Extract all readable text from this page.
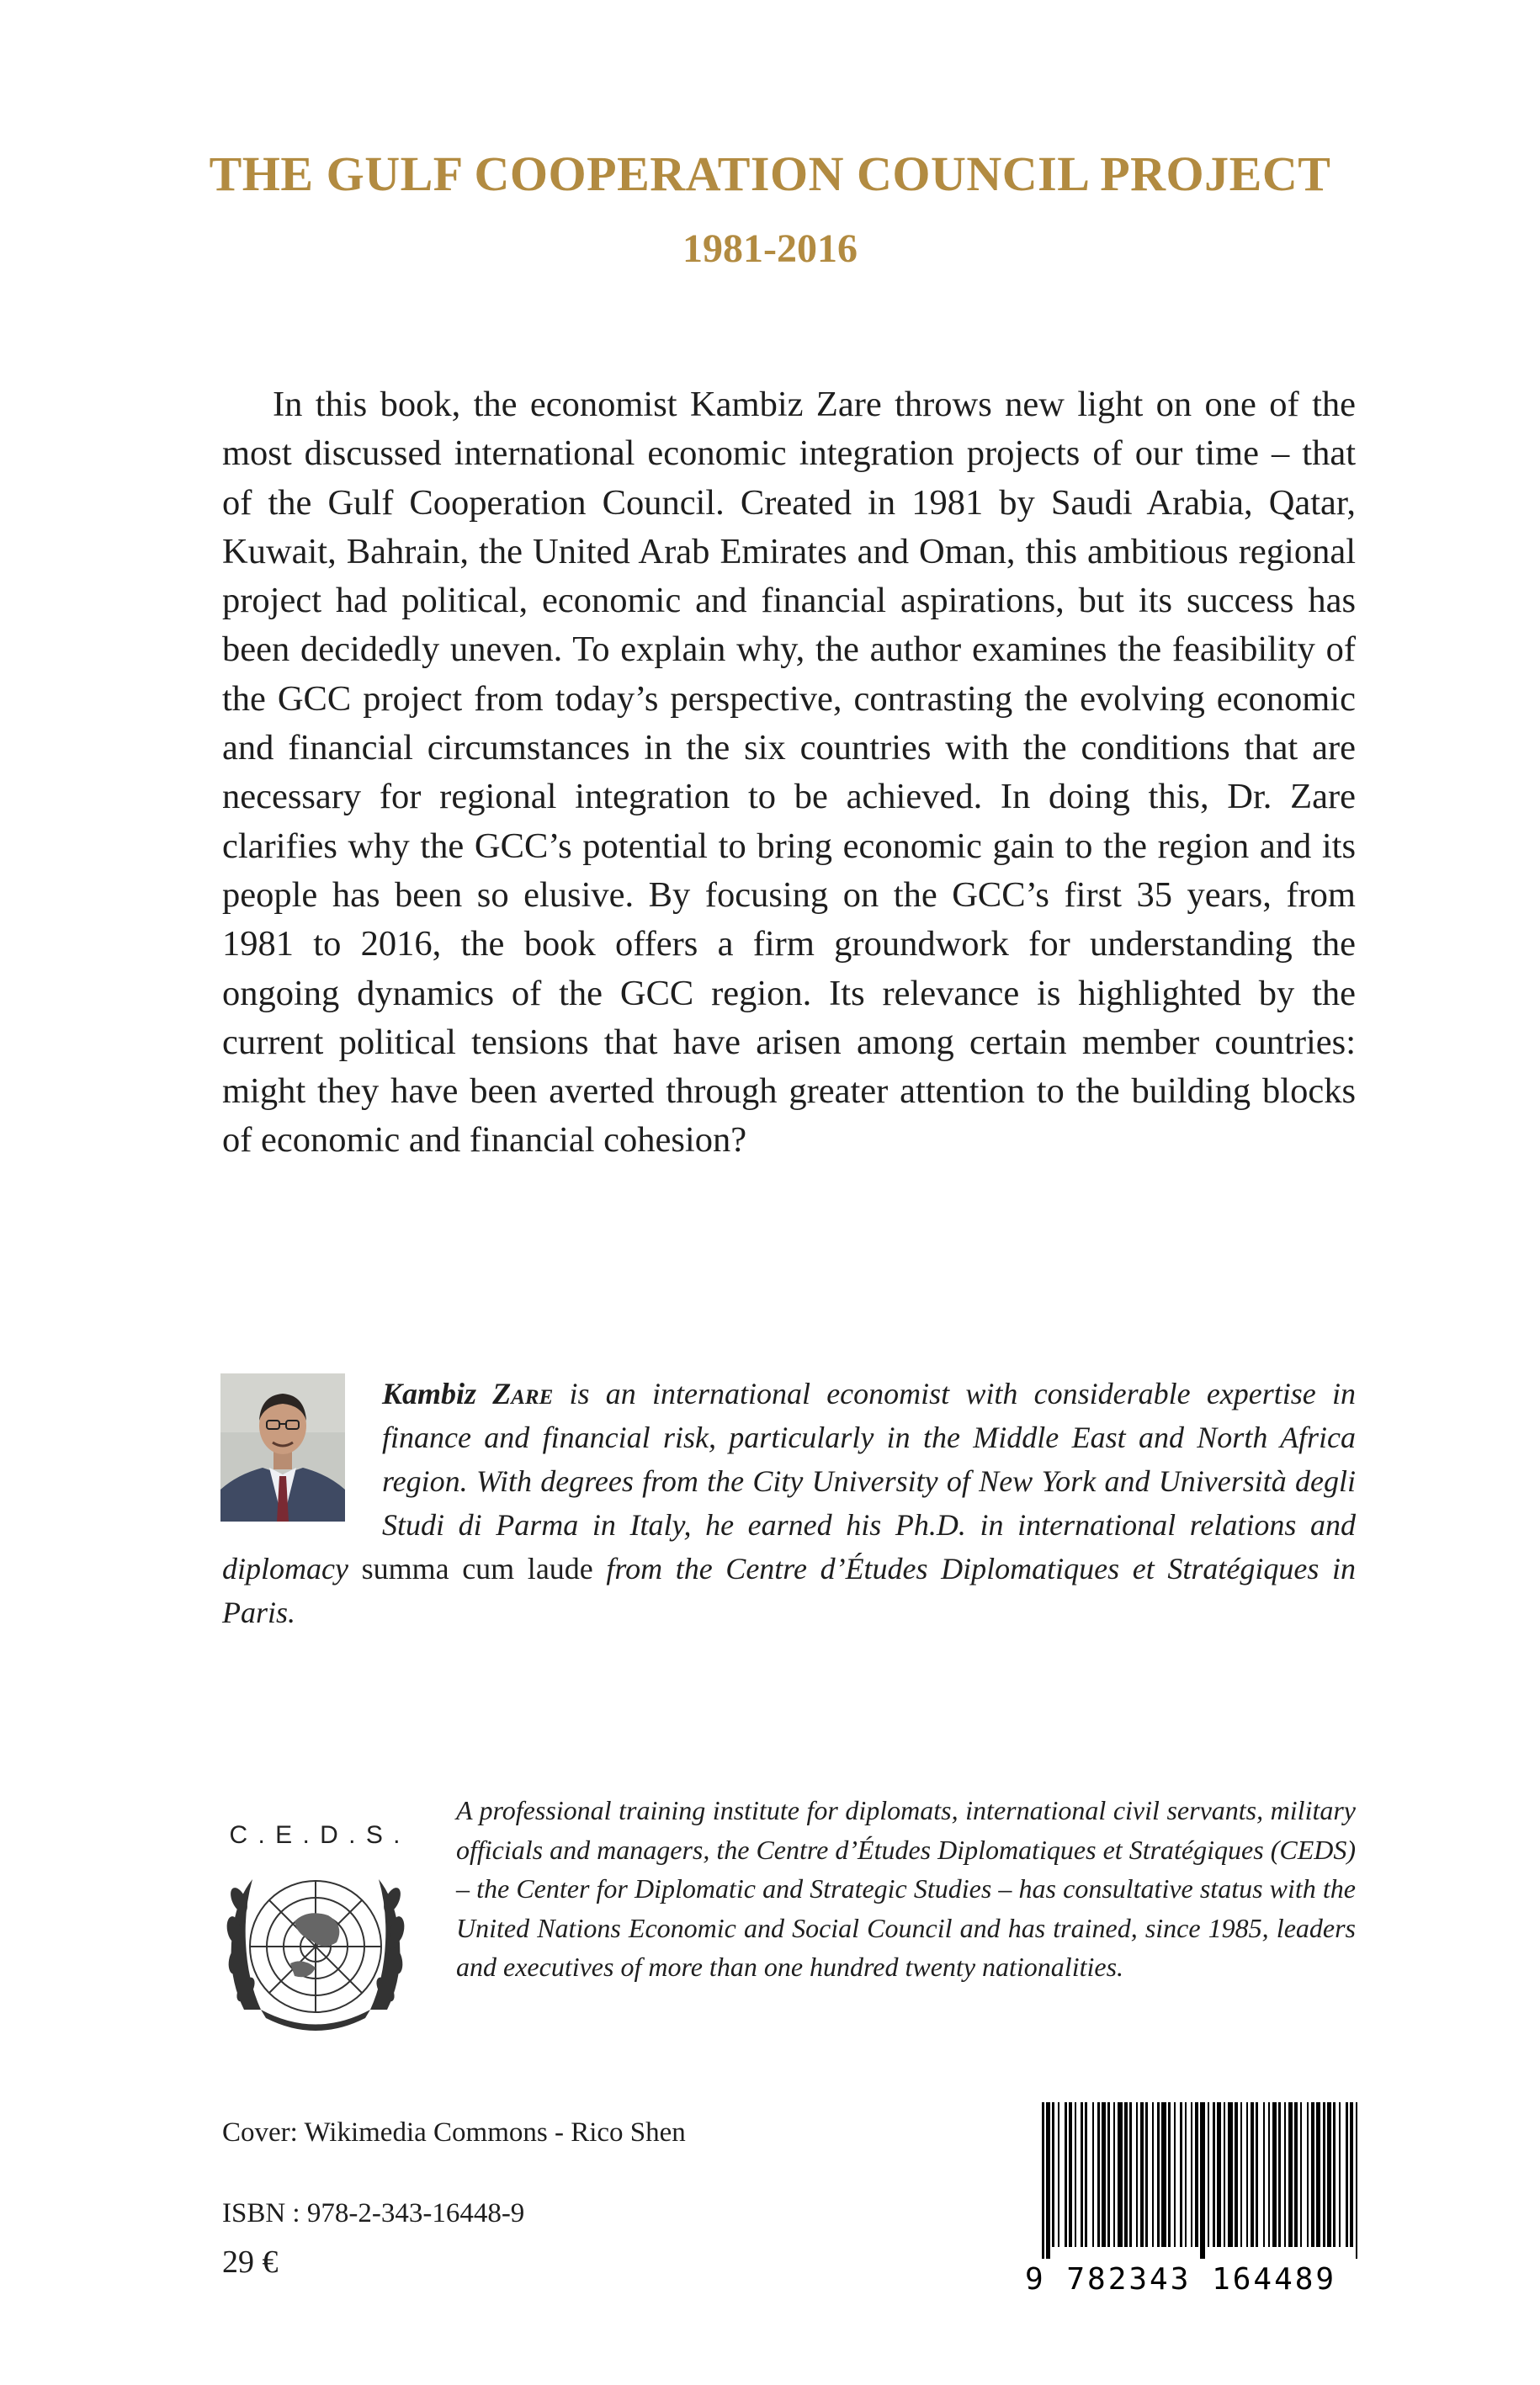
THE GULF COOPERATION COUNCIL PROJECT
1981-2016

In this book, the economist Kambiz Zare throws new light on one of the most discussed international economic integration projects of our time – that of the Gulf Cooperation Council. Created in 1981 by Saudi Arabia, Qatar, Kuwait, Bahrain, the United Arab Emirates and Oman, this ambitious regional project had political, economic and financial aspirations, but its success has been decidedly uneven. To explain why, the author examines the feasibility of the GCC project from today’s perspective, contrasting the evolving economic and financial circumstances in the six countries with the conditions that are necessary for regional integration to be achieved. In doing this, Dr. Zare clarifies why the GCC’s potential to bring economic gain to the region and its people has been so elusive. By focusing on the GCC’s first 35 years, from 1981 to 2016, the book offers a firm groundwork for understanding the ongoing dynamics of the GCC region. Its relevance is highlighted by the current political tensions that have arisen among certain member countries: might they have been averted through greater attention to the building blocks of economic and financial cohesion?

Kambiz Zare is an international economist with considerable expertise in finance and financial risk, particularly in the Middle East and North Africa region. With degrees from the City University of New York and Università degli Studi di Parma in Italy, he earned his Ph.D. in international relations and diplomacy summa cum laude from the Centre d’Études Diplomatiques et Stratégiques in Paris.

C . E . D . S .

A professional training institute for diplomats, international civil servants, military officials and managers, the Centre d’Études Diplomatiques et Stratégiques (CEDS) – the Center for Diplomatic and Strategic Studies – has consultative status with the United Nations Economic and Social Council and has trained, since 1985, leaders and executives of more than one hundred twenty nationalities.

Cover: Wikimedia Commons - Rico Shen
ISBN : 978-2-343-16448-9
29 €	9 782343 164489
